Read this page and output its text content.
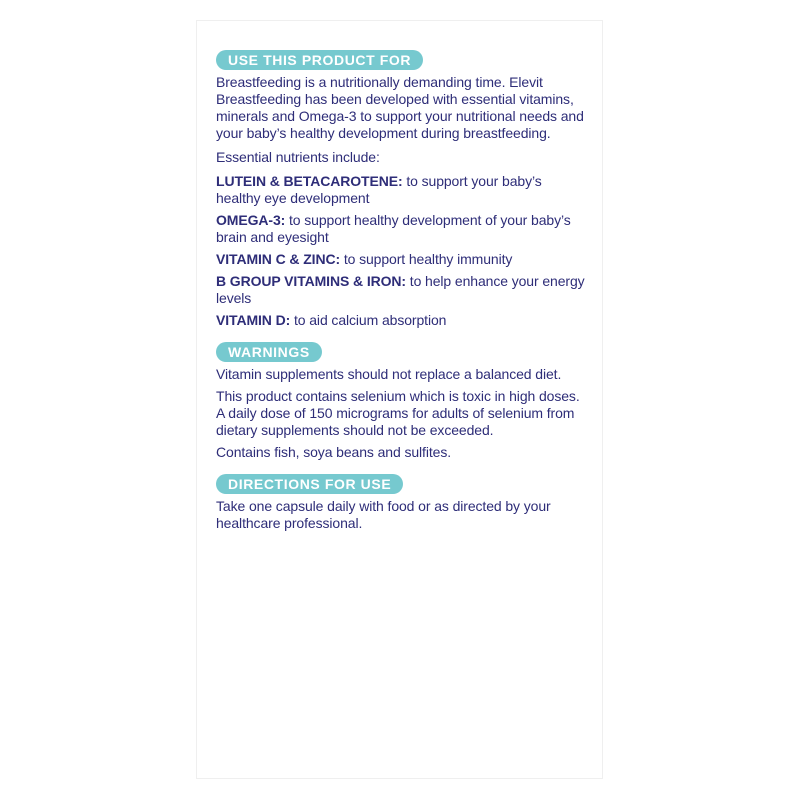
USE THIS PRODUCT FOR

Breastfeeding is a nutritionally demanding time. Elevit Breastfeeding has been developed with essential vitamins, minerals and Omega-3 to support your nutritional needs and your baby’s healthy development during breastfeeding.

Essential nutrients include:

LUTEIN & BETACAROTENE: to support your baby’s healthy eye development

OMEGA-3: to support healthy development of your baby’s brain and eyesight

VITAMIN C & ZINC: to support healthy immunity

B GROUP VITAMINS & IRON: to help enhance your energy levels

VITAMIN D: to aid calcium absorption

WARNINGS

Vitamin supplements should not replace a balanced diet.

This product contains selenium which is toxic in high doses. A daily dose of 150 micrograms for adults of selenium from dietary supplements should not be exceeded.

Contains fish, soya beans and sulfites.

DIRECTIONS FOR USE

Take one capsule daily with food or as directed by your healthcare professional.
